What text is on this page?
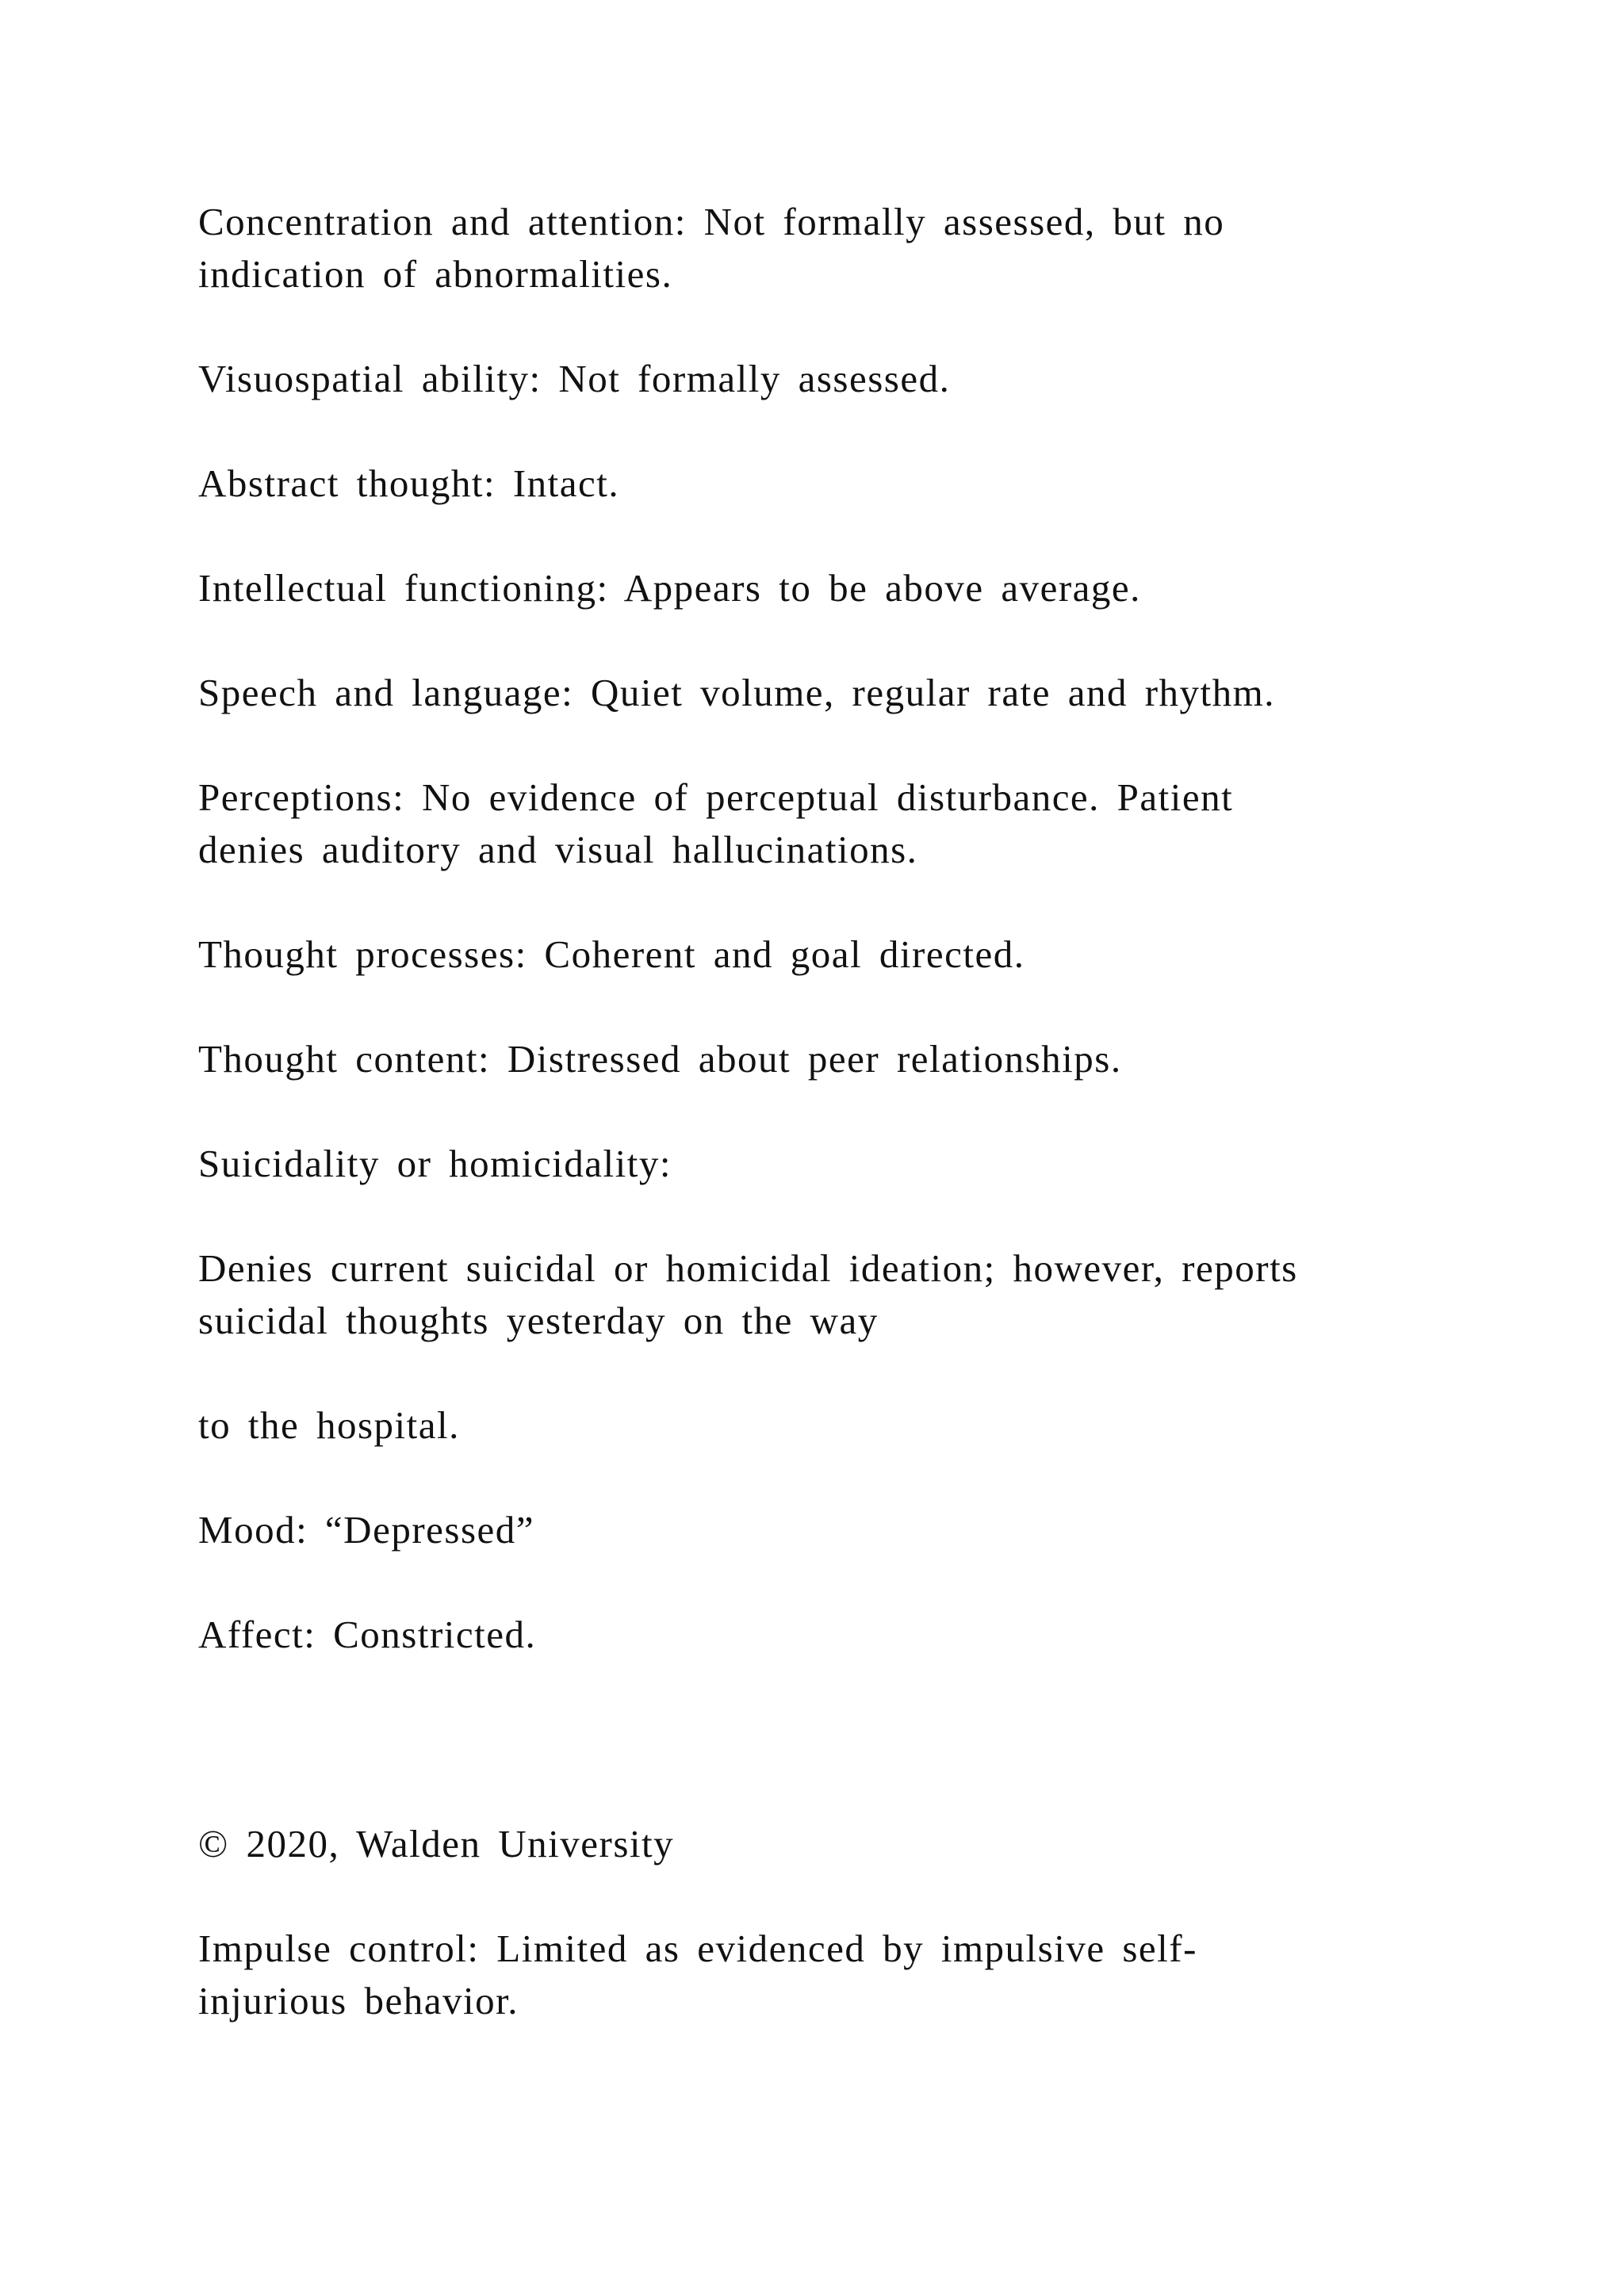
Concentration and attention: Not formally assessed, but no

indication of abnormalities.

Visuospatial ability: Not formally assessed.

Abstract thought: Intact.

Intellectual functioning: Appears to be above average.

Speech and language: Quiet volume, regular rate and rhythm.

Perceptions: No evidence of perceptual disturbance. Patient

denies auditory and visual hallucinations.

Thought processes: Coherent and goal directed.

Thought content: Distressed about peer relationships.

Suicidality or homicidality:

Denies current suicidal or homicidal ideation; however, reports

suicidal thoughts yesterday on the way

to the hospital.

Mood: “Depressed”

Affect: Constricted.

© 2020, Walden University

Impulse control: Limited as evidenced by impulsive self-

injurious behavior.
